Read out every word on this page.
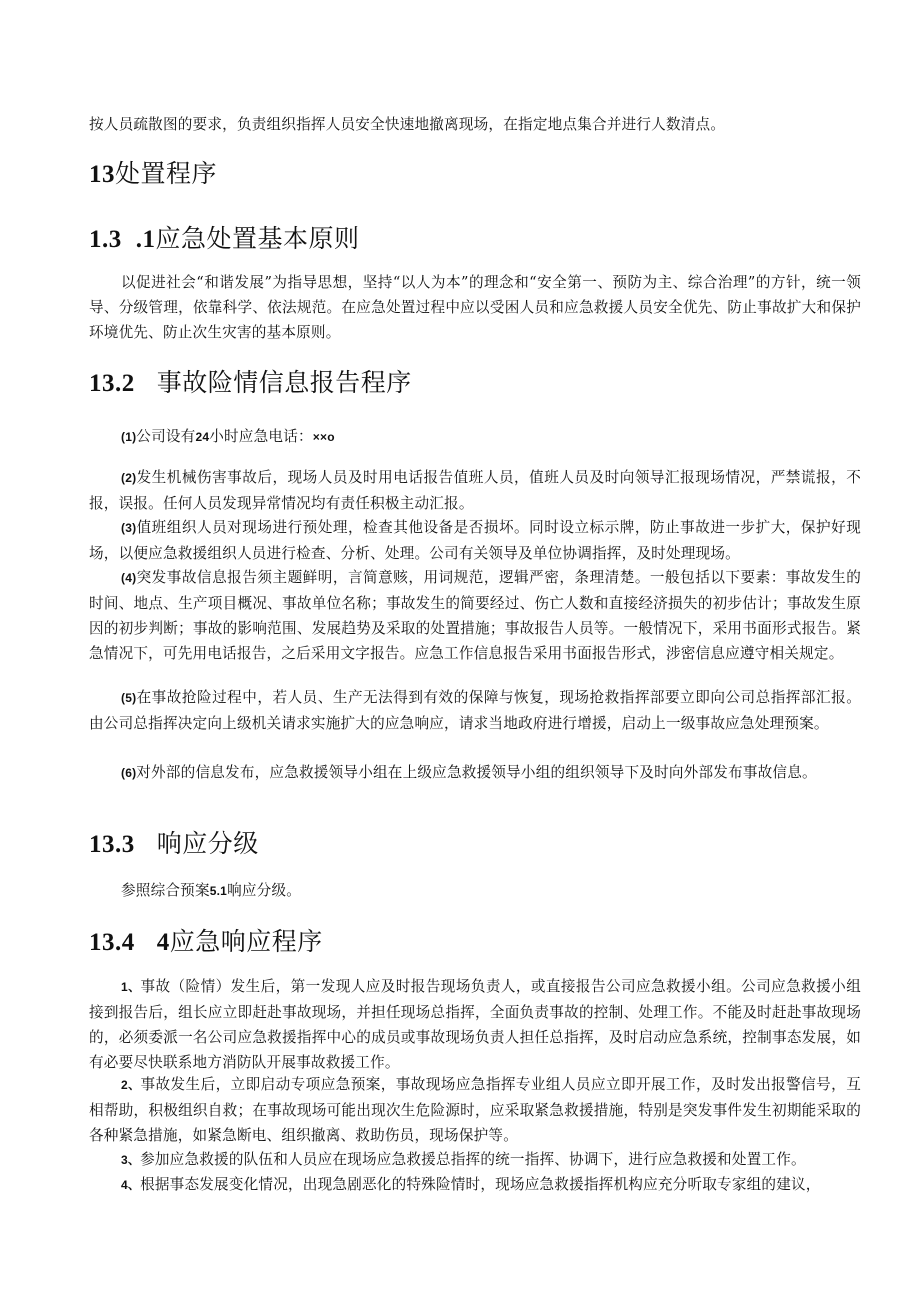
按人员疏散图的要求，负责组织指挥人员安全快速地撤离现场，在指定地点集合并进行人数清点。

13处置程序
1.3 .1应急处置基本原则

以促进社会“和谐发展”为指导思想，坚持“以人为本”的理念和“安全第一、预防为主、综合治理”的方针，统一领导、分级管理，依靠科学、依法规范。在应急处置过程中应以受困人员和应急救援人员安全优先、防止事故扩大和保护环境优先、防止次生灾害的基本原则。

13.2 事故险情信息报告程序

(1)公司设有24小时应急电话：××o

(2)发生机械伤害事故后，现场人员及时用电话报告值班人员，值班人员及时向领导汇报现场情况，严禁谎报，不报，误报。任何人员发现异常情况均有责任积极主动汇报。

(3)值班组织人员对现场进行预处理，检查其他设备是否损坏。同时设立标示牌，防止事故进一步扩大，保护好现场，以便应急救援组织人员进行检查、分析、处理。公司有关领导及单位协调指挥，及时处理现场。

(4)突发事故信息报告须主题鲜明，言简意赅，用词规范，逻辑严密，条理清楚。一般包括以下要素：事故发生的时间、地点、生产项目概况、事故单位名称；事故发生的简要经过、伤亡人数和直接经济损失的初步估计；事故发生原因的初步判断；事故的影响范围、发展趋势及采取的处置措施；事故报告人员等。一般情况下，采用书面形式报告。紧急情况下，可先用电话报告，之后采用文字报告。应急工作信息报告采用书面报告形式，涉密信息应遵守相关规定。

(5)在事故抢险过程中，若人员、生产无法得到有效的保障与恢复，现场抢救指挥部要立即向公司总指挥部汇报。由公司总指挥决定向上级机关请求实施扩大的应急响应，请求当地政府进行增援，启动上一级事故应急处理预案。

(6)对外部的信息发布，应急救援领导小组在上级应急救援领导小组的组织领导下及时向外部发布事故信息。

13.3 响应分级

参照综合预案5.1响应分级。

13.4 4应急响应程序

1、事故（险情）发生后，第一发现人应及时报告现场负责人，或直接报告公司应急救援小组。公司应急救援小组接到报告后，组长应立即赶赴事故现场，并担任现场总指挥，全面负责事故的控制、处理工作。不能及时赶赴事故现场的，必须委派一名公司应急救援指挥中心的成员或事故现场负责人担任总指挥，及时启动应急系统，控制事态发展，如有必要尽快联系地方消防队开展事故救援工作。

2、事故发生后，立即启动专项应急预案，事故现场应急指挥专业组人员应立即开展工作，及时发出报警信号，互相帮助，积极组织自救；在事故现场可能出现次生危险源时，应采取紧急救援措施，特别是突发事件发生初期能采取的各种紧急措施，如紧急断电、组织撤离、救助伤员，现场保护等。

3、参加应急救援的队伍和人员应在现场应急救援总指挥的统一指挥、协调下，进行应急救援和处置工作。

4、根据事态发展变化情况，出现急剧恶化的特殊险情时，现场应急救援指挥机构应充分听取专家组的建议，
